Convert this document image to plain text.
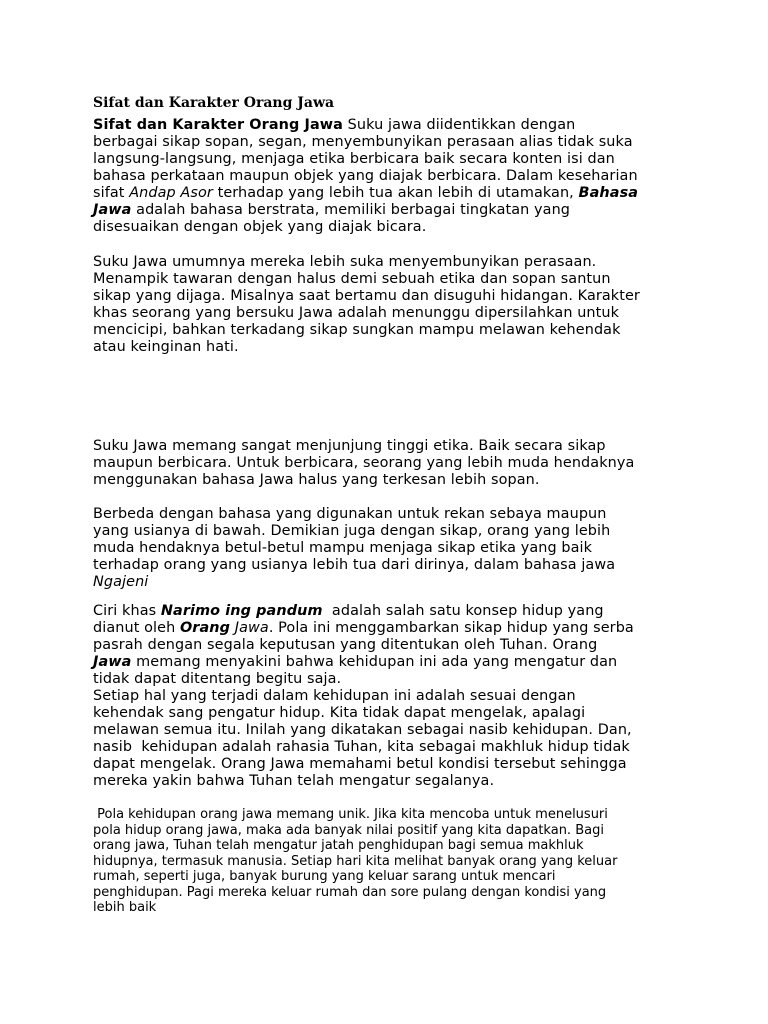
Sifat dan Karakter Orang Jawa
Sifat dan Karakter Orang Jawa Suku jawa diidentikkan dengan
berbagai sikap sopan, segan, menyembunyikan perasaan alias tidak suka
langsung-langsung, menjaga etika berbicara baik secara konten isi dan
bahasa perkataan maupun objek yang diajak berbicara. Dalam keseharian
sifat Andap Asor terhadap yang lebih tua akan lebih di utamakan, Bahasa
Jawa adalah bahasa berstrata, memiliki berbagai tingkatan yang
disesuaikan dengan objek yang diajak bicara.
Suku Jawa umumnya mereka lebih suka menyembunyikan perasaan.
Menampik tawaran dengan halus demi sebuah etika dan sopan santun
sikap yang dijaga. Misalnya saat bertamu dan disuguhi hidangan. Karakter
khas seorang yang bersuku Jawa adalah menunggu dipersilahkan untuk
mencicipi, bahkan terkadang sikap sungkan mampu melawan kehendak
atau keinginan hati.
Suku Jawa memang sangat menjunjung tinggi etika. Baik secara sikap
maupun berbicara. Untuk berbicara, seorang yang lebih muda hendaknya
menggunakan bahasa Jawa halus yang terkesan lebih sopan.
Berbeda dengan bahasa yang digunakan untuk rekan sebaya maupun
yang usianya di bawah. Demikian juga dengan sikap, orang yang lebih
muda hendaknya betul-betul mampu menjaga sikap etika yang baik
terhadap orang yang usianya lebih tua dari dirinya, dalam bahasa jawa
Ngajeni
Ciri khas Narimo ing pandum  adalah salah satu konsep hidup yang
dianut oleh Orang Jawa. Pola ini menggambarkan sikap hidup yang serba
pasrah dengan segala keputusan yang ditentukan oleh Tuhan. Orang
Jawa memang menyakini bahwa kehidupan ini ada yang mengatur dan
tidak dapat ditentang begitu saja.
Setiap hal yang terjadi dalam kehidupan ini adalah sesuai dengan
kehendak sang pengatur hidup. Kita tidak dapat mengelak, apalagi
melawan semua itu. Inilah yang dikatakan sebagai nasib kehidupan. Dan,
nasib  kehidupan adalah rahasia Tuhan, kita sebagai makhluk hidup tidak
dapat mengelak. Orang Jawa memahami betul kondisi tersebut sehingga
mereka yakin bahwa Tuhan telah mengatur segalanya.
Pola kehidupan orang jawa memang unik. Jika kita mencoba untuk menelusuri
pola hidup orang jawa, maka ada banyak nilai positif yang kita dapatkan. Bagi
orang jawa, Tuhan telah mengatur jatah penghidupan bagi semua makhluk
hidupnya, termasuk manusia. Setiap hari kita melihat banyak orang yang keluar
rumah, seperti juga, banyak burung yang keluar sarang untuk mencari
penghidupan. Pagi mereka keluar rumah dan sore pulang dengan kondisi yang
lebih baik
